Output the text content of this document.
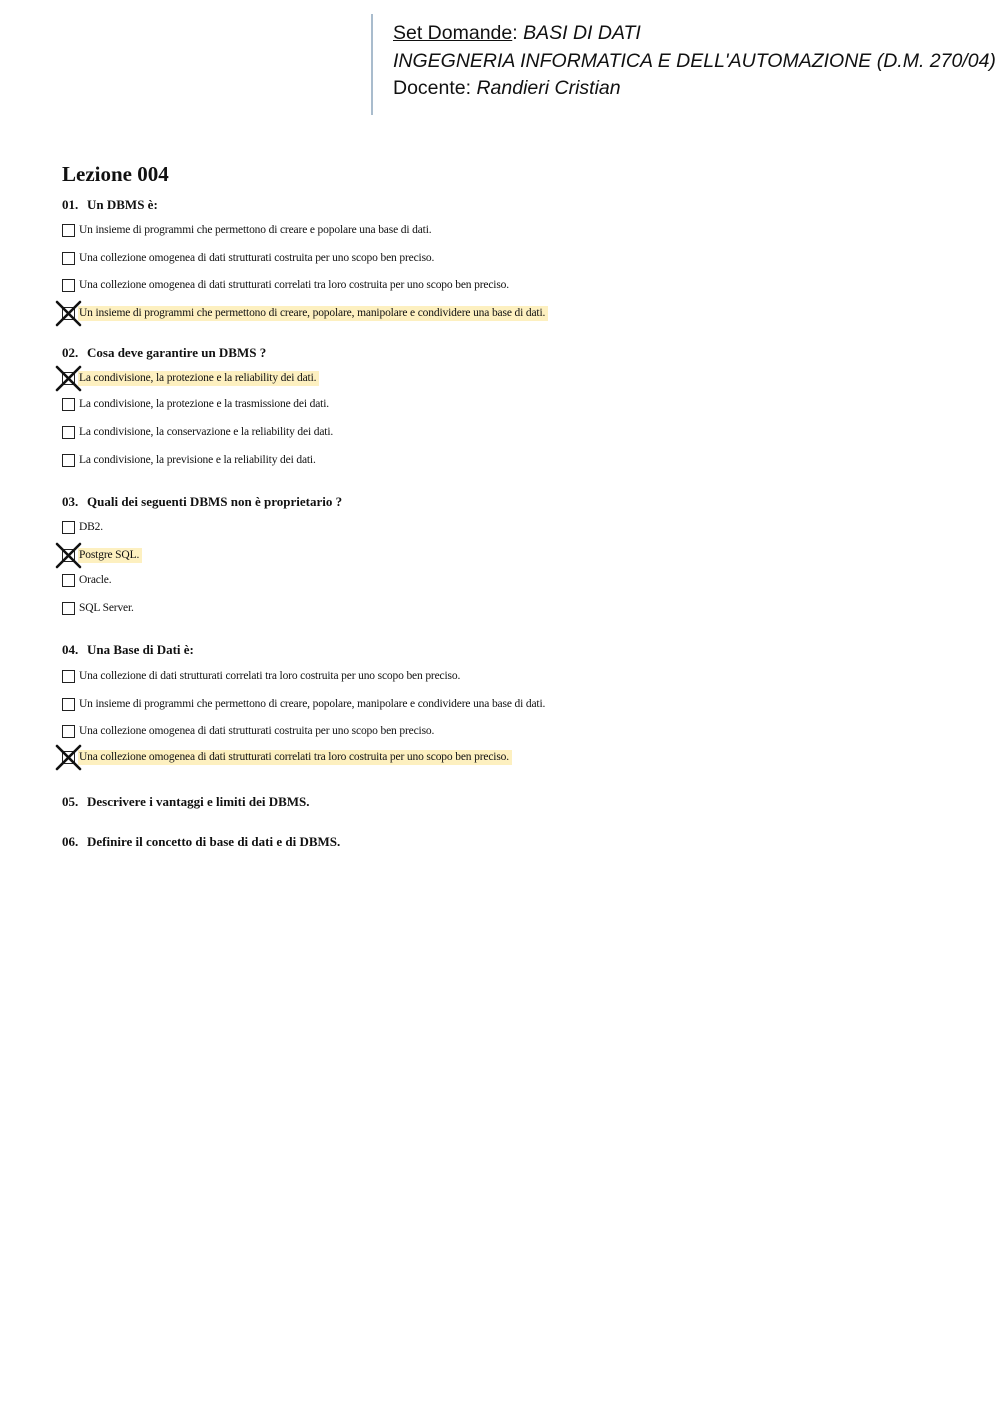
Set Domande: BASI DI DATI
INGEGNERIA INFORMATICA E DELL'AUTOMAZIONE (D.M. 270/04)
Docente: Randieri Cristian
Lezione 004
01. Un DBMS è:
Un insieme di programmi che permettono di creare e popolare una base di dati.
Una collezione omogenea di dati strutturati costruita per uno scopo ben preciso.
Una collezione omogenea di dati strutturati correlati tra loro costruita per uno scopo ben preciso.
Un insieme di programmi che permettono di creare, popolare, manipolare e condividere una base di dati.
02. Cosa deve garantire un DBMS ?
La condivisione, la protezione e la reliability dei dati.
La condivisione, la protezione e la trasmissione dei dati.
La condivisione, la conservazione e la reliability dei dati.
La condivisione, la previsione e la reliability dei dati.
03. Quali dei seguenti DBMS non è proprietario ?
DB2.
Postgre SQL.
Oracle.
SQL Server.
04. Una Base di Dati è:
Una collezione di dati strutturati correlati tra loro costruita per uno scopo ben preciso.
Un insieme di programmi che permettono di creare, popolare, manipolare e condividere una base di dati.
Una collezione omogenea di dati strutturati costruita per uno scopo ben preciso.
Una collezione omogenea di dati strutturati correlati tra loro costruita per uno scopo ben preciso.
05. Descrivere i vantaggi e limiti dei DBMS.
06. Definire il concetto di base di dati e di DBMS.
